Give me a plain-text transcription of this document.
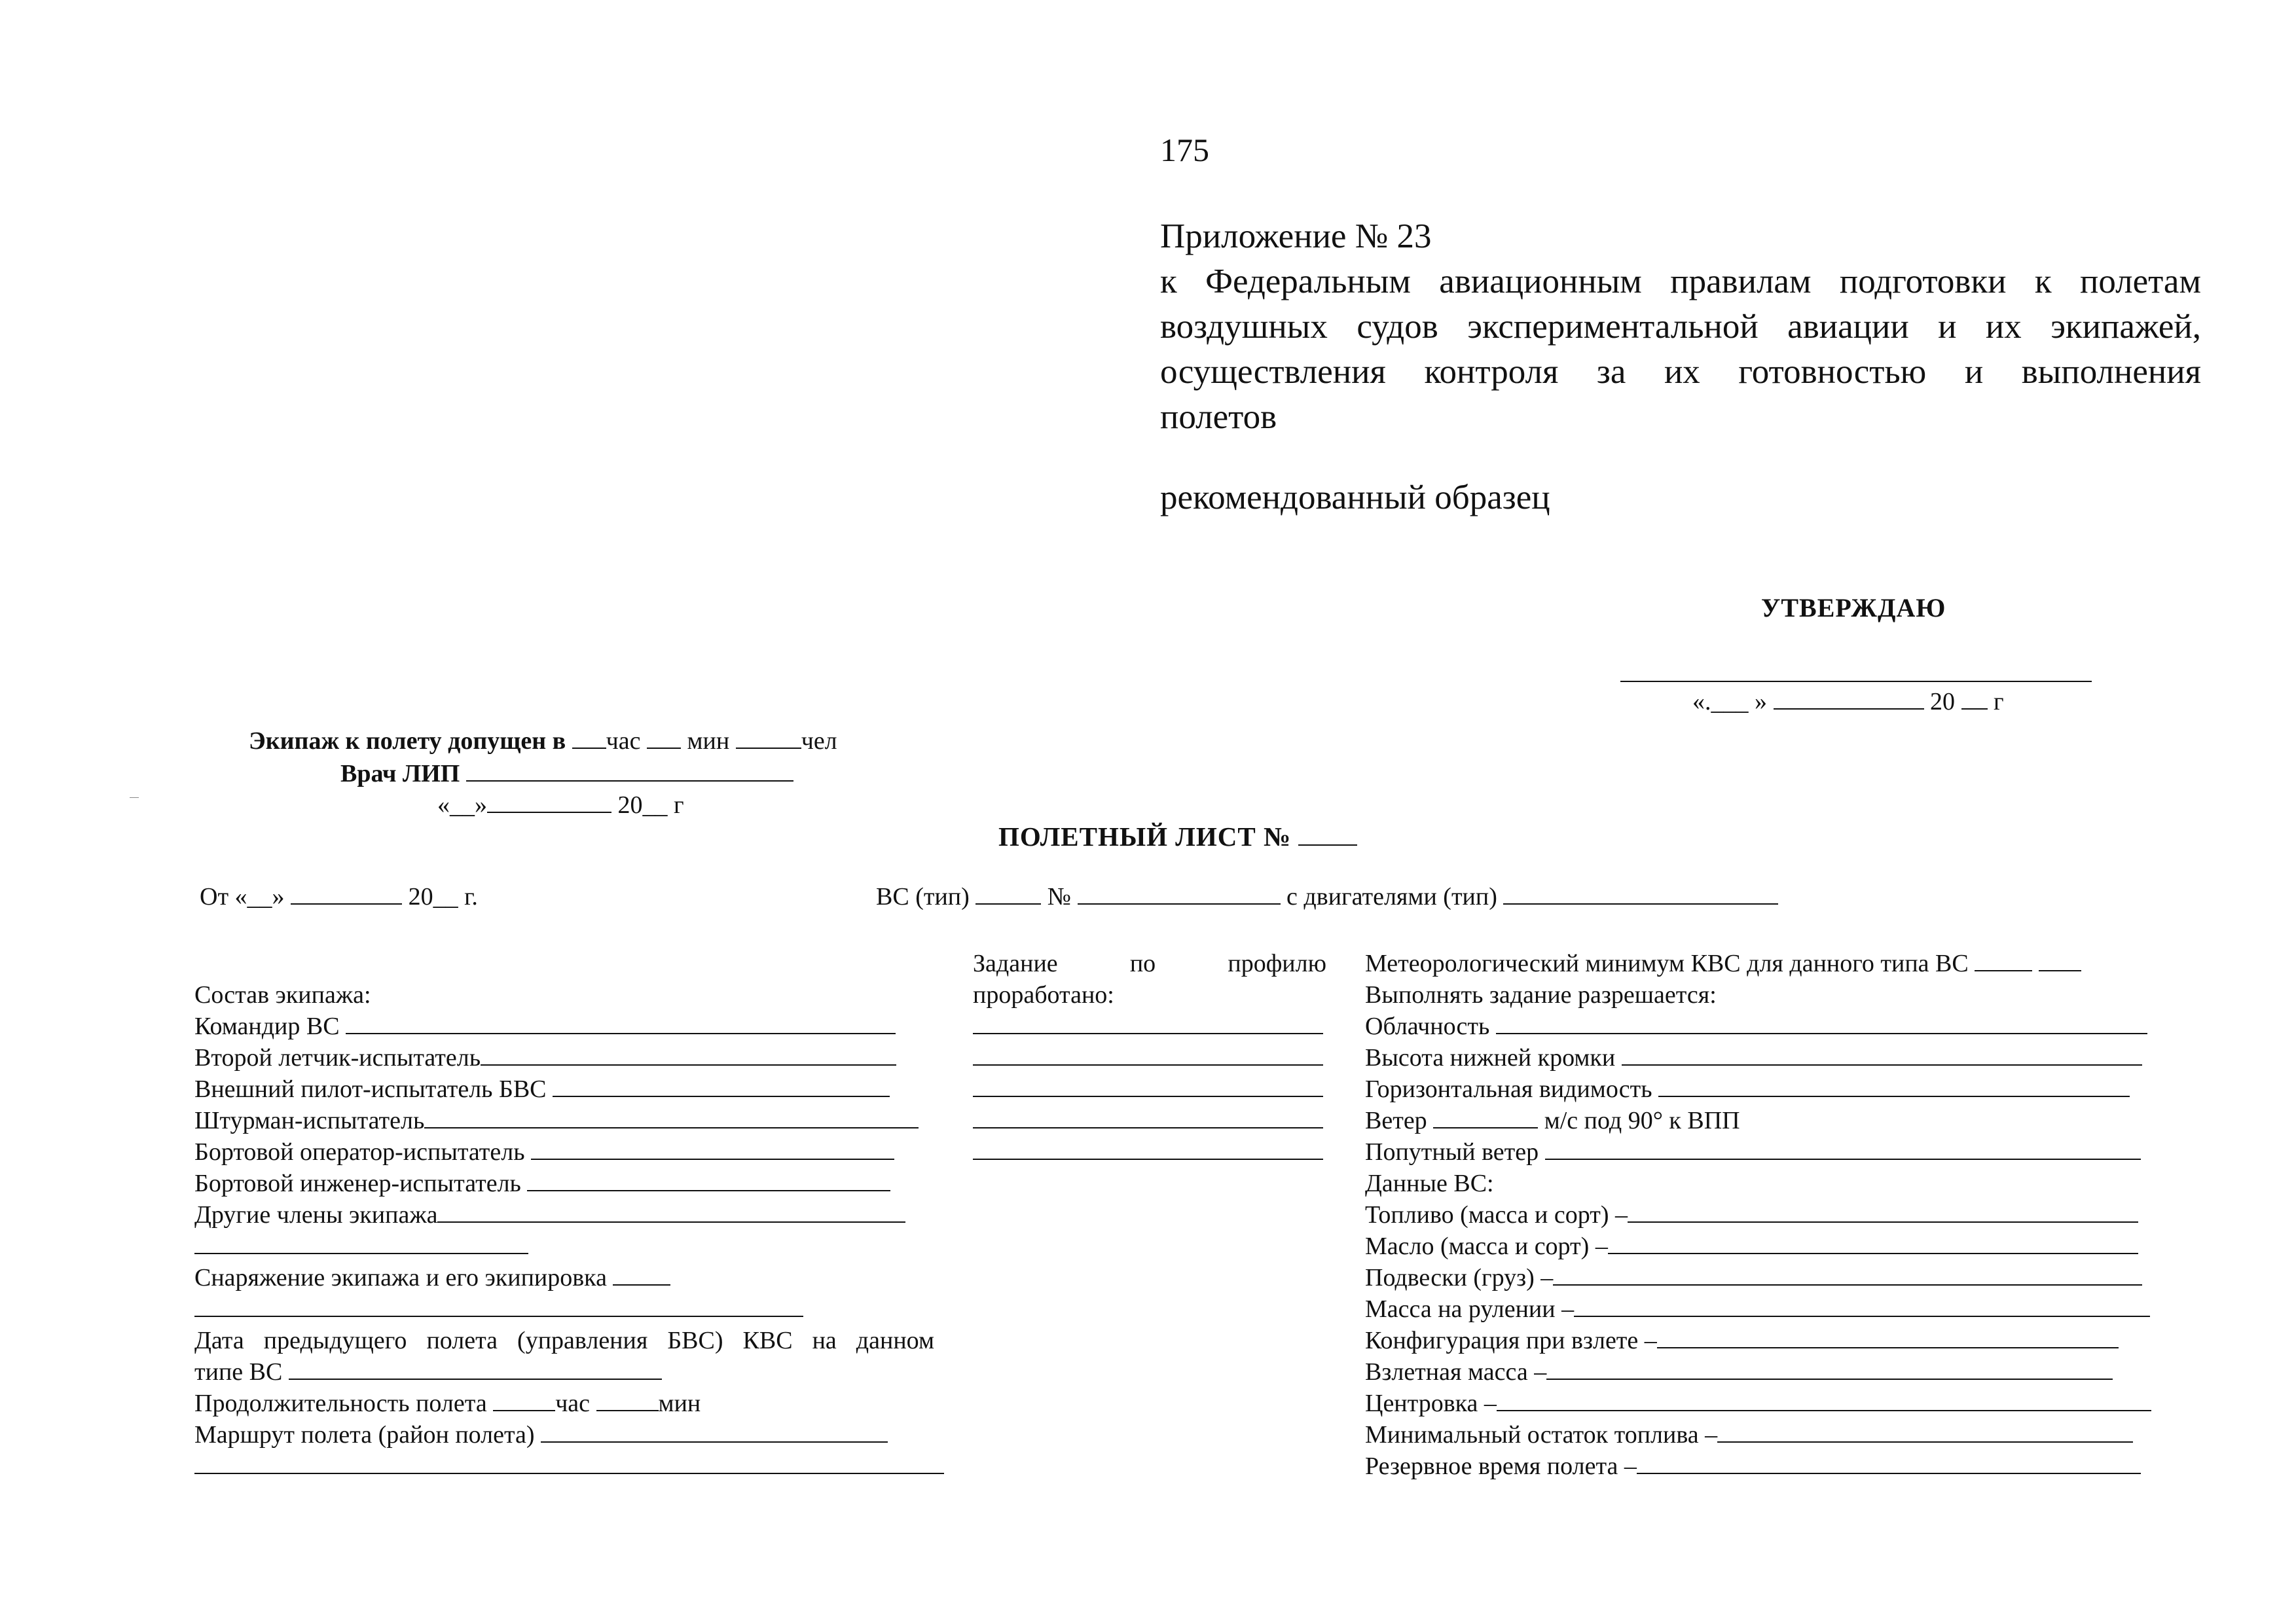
175
Приложение № 23
к Федеральным авиационным правилам подготовки к полетам
воздушных судов экспериментальной авиации и их экипажей,
осуществления контроля за их готовностью и выполнения
полетов
рекомендованный образец
УТВЕРЖДАЮ
«.___ »	20 г
Экипаж к полету допущен в час мин	чел
Врач ЛИП
«__»	20__ г
ПОЛЕТНЫЙ ЛИСТ №
От «__»	20__ г.	ВС (тип)	№	с двигателями (тип)
Состав экипажа:
Командир ВС
Второй летчик-испытатель
Внешний пилот-испытатель БВС
Штурман-испытатель
Бортовой оператор-испытатель
Бортовой инженер-испытатель
Другие члены экипажа
Снаряжение экипажа и его экипировка
Дата предыдущего полета (управления БВС) КВС на данном
типе ВС
Продолжительность полета	час	мин
Маршрут полета (район полета)
Задание по профилю
проработано:
Метеорологический минимум КВС для данного типа ВС
Выполнять задание разрешается:
Облачность
Высота нижней кромки
Горизонтальная видимость
Ветер	м/с под 90° к ВПП
Попутный ветер
Данные ВС:
Топливо (масса и сорт) –
Масло (масса и сорт) –
Подвески (груз) –
Масса на рулении –
Конфигурация при взлете –
Взлетная масса –
Центровка –
Минимальный остаток топлива –
Резервное время полета –
